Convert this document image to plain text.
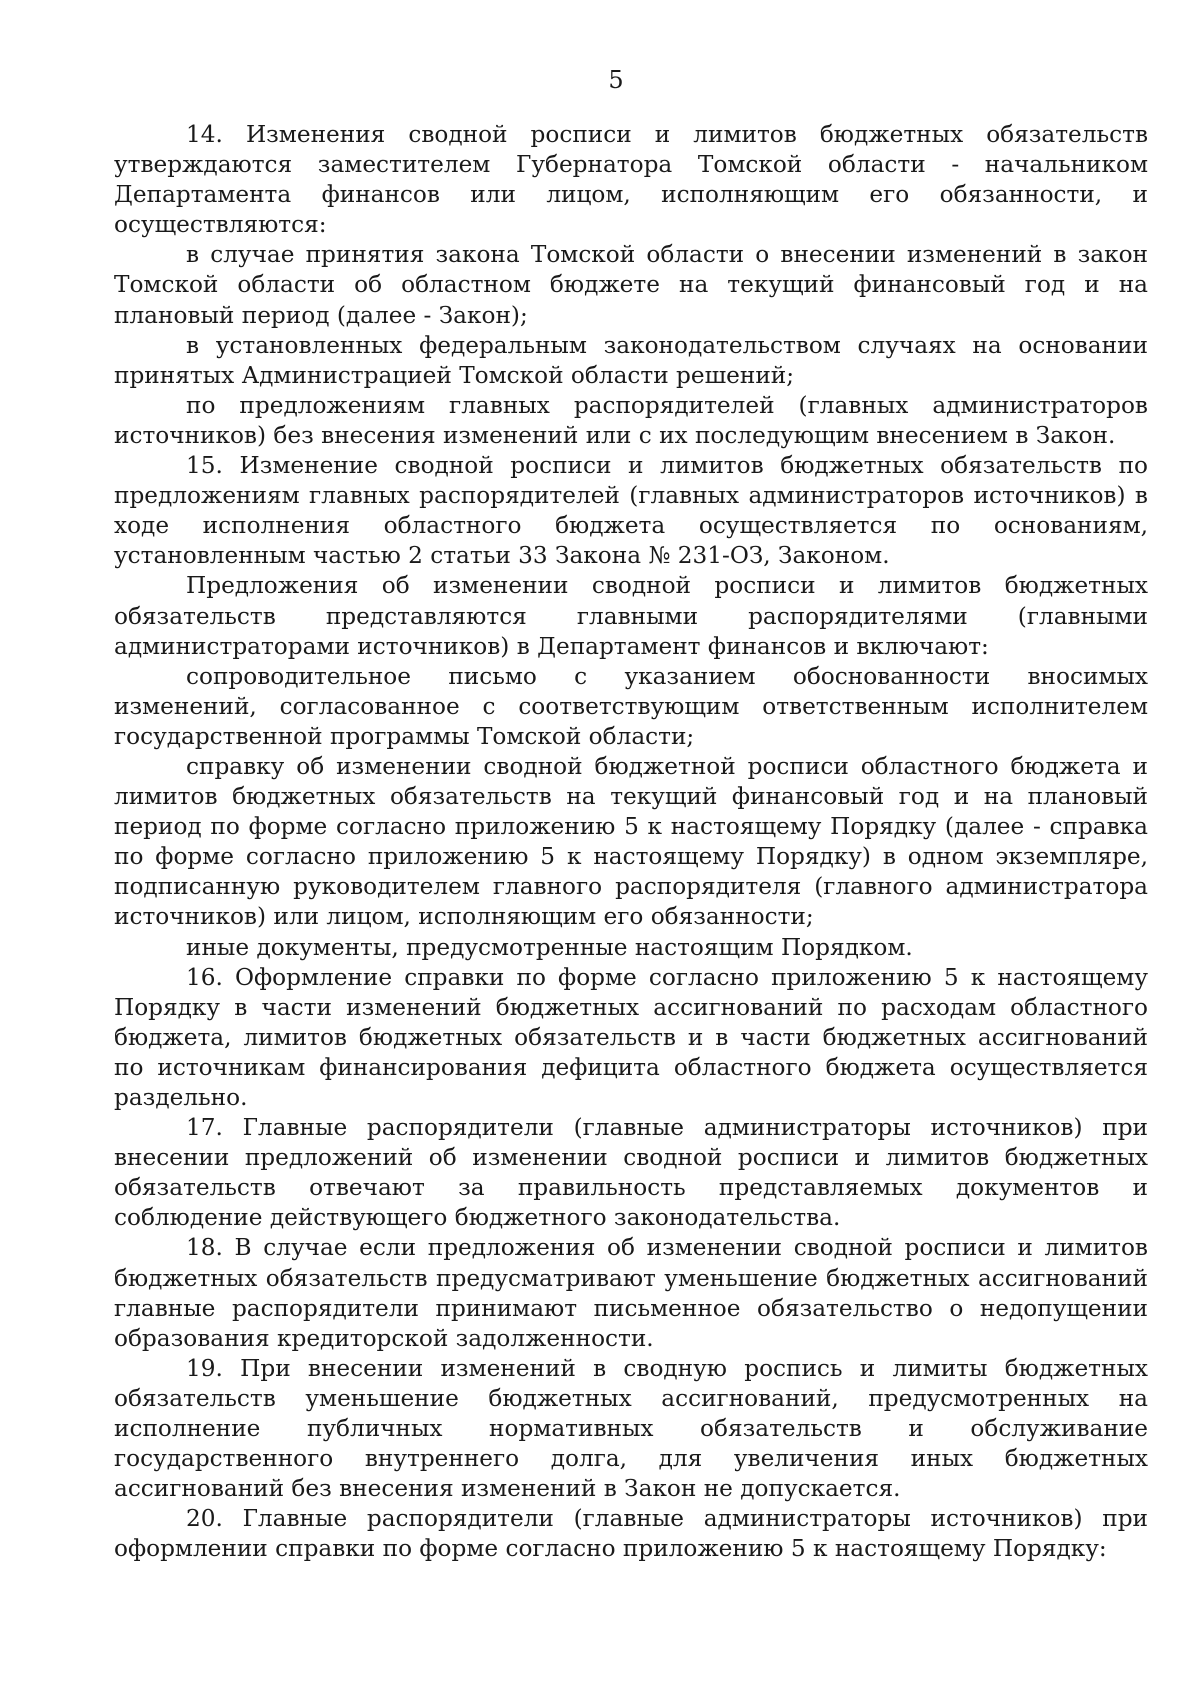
5

14. Изменения сводной росписи и лимитов бюджетных обязательств утверждаются заместителем Губернатора Томской области - начальником Департамента финансов или лицом, исполняющим его обязанности, и осуществляются:

в случае принятия закона Томской области о внесении изменений в закон Томской области об областном бюджете на текущий финансовый год и на плановый период (далее - Закон);

в установленных федеральным законодательством случаях на основании принятых Администрацией Томской области решений;

по предложениям главных распорядителей (главных администраторов источников) без внесения изменений или с их последующим внесением в Закон.

15. Изменение сводной росписи и лимитов бюджетных обязательств по предложениям главных распорядителей (главных администраторов источников) в ходе исполнения областного бюджета осуществляется по основаниям, установленным частью 2 статьи 33 Закона № 231-ОЗ, Законом.

Предложения об изменении сводной росписи и лимитов бюджетных обязательств представляются главными распорядителями (главными администраторами источников) в Департамент финансов и включают:

сопроводительное письмо с указанием обоснованности вносимых изменений, согласованное с соответствующим ответственным исполнителем государственной программы Томской области;

справку об изменении сводной бюджетной росписи областного бюджета и лимитов бюджетных обязательств на текущий финансовый год и на плановый период по форме согласно приложению 5 к настоящему Порядку (далее - справка по форме согласно приложению 5 к настоящему Порядку) в одном экземпляре, подписанную руководителем главного распорядителя (главного администратора источников) или лицом, исполняющим его обязанности;

иные документы, предусмотренные настоящим Порядком.

16. Оформление справки по форме согласно приложению 5 к настоящему Порядку в части изменений бюджетных ассигнований по расходам областного бюджета, лимитов бюджетных обязательств и в части бюджетных ассигнований по источникам финансирования дефицита областного бюджета осуществляется раздельно.

17. Главные распорядители (главные администраторы источников) при внесении предложений об изменении сводной росписи и лимитов бюджетных обязательств отвечают за правильность представляемых документов и соблюдение действующего бюджетного законодательства.

18. В случае если предложения об изменении сводной росписи и лимитов бюджетных обязательств предусматривают уменьшение бюджетных ассигнований главные распорядители принимают письменное обязательство о недопущении образования кредиторской задолженности.

19. При внесении изменений в сводную роспись и лимиты бюджетных обязательств уменьшение бюджетных ассигнований, предусмотренных на исполнение публичных нормативных обязательств и обслуживание государственного внутреннего долга, для увеличения иных бюджетных ассигнований без внесения изменений в Закон не допускается.

20. Главные распорядители (главные администраторы источников) при оформлении справки по форме согласно приложению 5 к настоящему Порядку:
